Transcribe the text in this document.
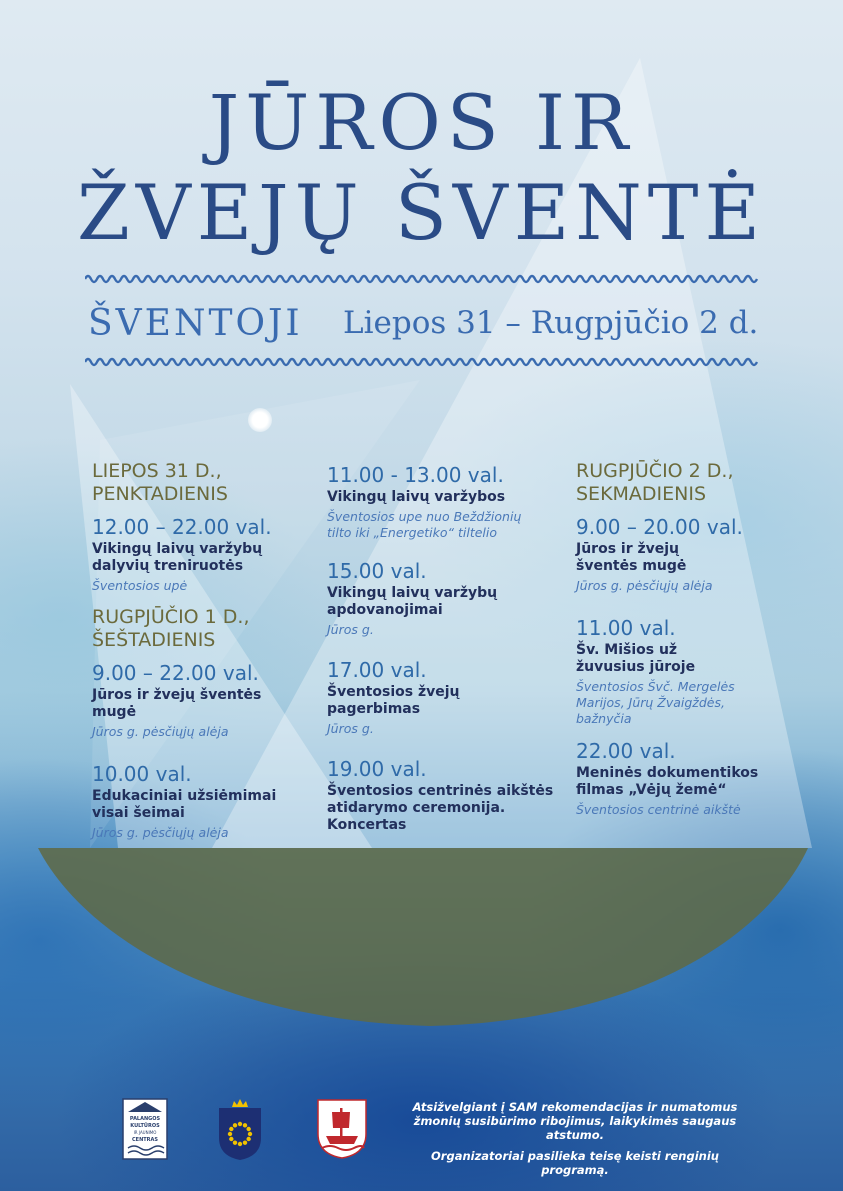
JŪROS IR
ŽVEJŲ ŠVENTĖ
ŠVENTOJI Liepos 31 – Rugpjūčio 2 d.
LIEPOS 31 D.,
PENKTADIENIS
12.00 – 22.00 val.
Vikingų laivų varžybų
dalyvių treniruotės
Šventosios upė
RUGPJŪČIO 1 D.,
ŠEŠTADIENIS
9.00 – 22.00 val.
Jūros ir žvejų šventės mugė
Jūros g. pėsčiųjų alėja
10.00 val.
Edukaciniai užsiėmimai
visai šeimai
Jūros g. pėsčiųjų alėja
11.00 - 13.00 val.
Vikingų laivų varžybos
Šventosios upe nuo Beždžionių
tilto iki „Energetiko“ tiltelio
15.00 val.
Vikingų laivų varžybų
apdovanojimai
Jūros g.
17.00 val.
Šventosios žvejų pagerbimas
Jūros g.
19.00 val.
Šventosios centrinės aikštės
atidarymo ceremonija.
Koncertas
RUGPJŪČIO 2 D.,
SEKMADIENIS
9.00 – 20.00 val.
Jūros ir žvejų
šventės mugė
Jūros g. pėsčiųjų alėja
11.00 val.
Šv. Mišios už
žuvusius jūroje
Šventosios Švč. Mergelės
Marijos, Jūrų Žvaigždės,
bažnyčia
22.00 val.
Meninės dokumentikos
filmas „Vėjų žemė“
Šventosios centrinė aikštė
PALANGOS
KULTŪROS
IR JAUNIMO
CENTRAS
Atsižvelgiant į SAM rekomendacijas ir numatomus
žmonių susibūrimo ribojimus, laikykimės saugaus atstumo.
Organizatoriai pasilieka teisę keisti renginių programą.
